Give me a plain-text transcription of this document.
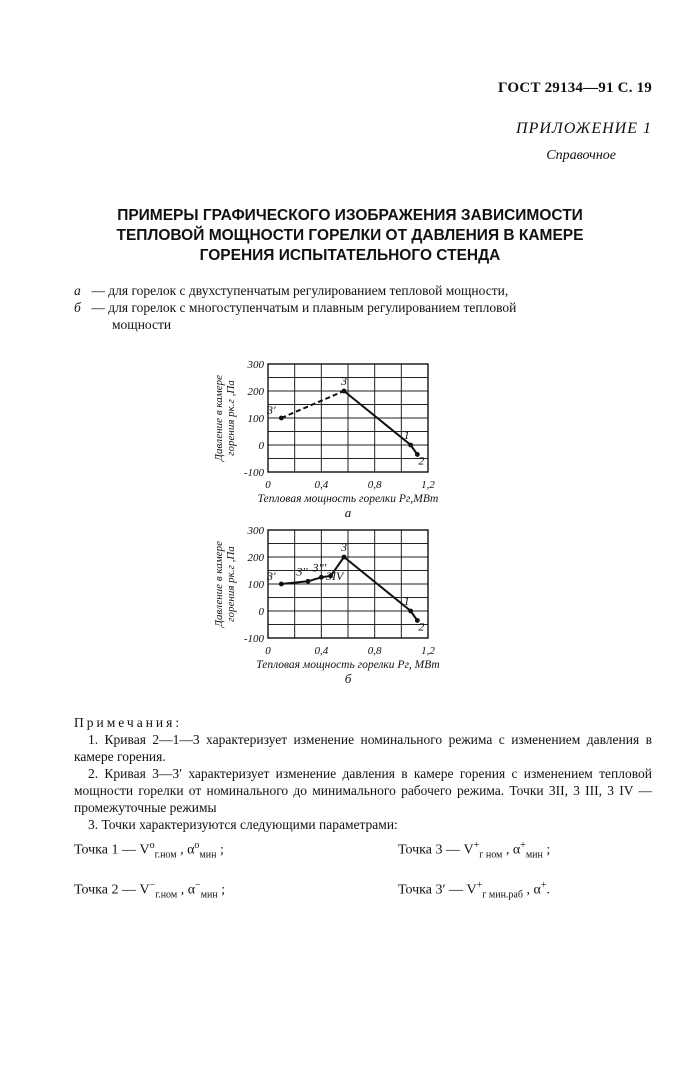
ГОСТ 29134—91 С. 19
ПРИЛОЖЕНИЕ 1
Справочное
ПРИМЕРЫ ГРАФИЧЕСКОГО ИЗОБРАЖЕНИЯ ЗАВИСИМОСТИ
ТЕПЛОВОЙ МОЩНОСТИ ГОРЕЛКИ ОТ ДАВЛЕНИЯ В КАМЕРЕ
ГОРЕНИЯ ИСПЫТАТЕЛЬНОГО СТЕНДА
а — для горелок с двухступенчатым регулированием тепловой мощности,
б — для горелок с многоступенчатым и плавным регулированием тепловой
мощности
300
200
100
0
-100
0	0,4	0,8	1,2
Тепловая мощность горелки Pг,МВт
а
Давление в камере горения pк.г ,Па	3'
3
1
2
300
200
100
0
-100
0	0,4	0,8	1,2
Тепловая мощность горелки Pг, МВт
б
Давление в камере горения pк.г ,Па	3' 3'' 3'''
3IV
3
1
2
Примечания:

1. Кривая 2—1—3 характеризует изменение номинального режима с изменением давления в камере горения.

2. Кривая 3—3′ характеризует изменение давления в камере горения с изменением тепловой мощности горелки от номинального до минимального рабочего режима. Точки 3II, 3 III, 3 IV — промежуточные режимы

3. Точки характеризуются следующими параметрами:

Точка 1 — $V^o_{г.ном}$ , $\alpha^o_{мин}$ ;	Точка 3 — $V^+_{г ном}$ , $\alpha^+_{мин}$ ;
Точка 2 — $V^-_{г.ном}$ , $\alpha^-_{мин}$ ;	Точка 3′ — $V^+_{г мин.раб}$ , α+.
